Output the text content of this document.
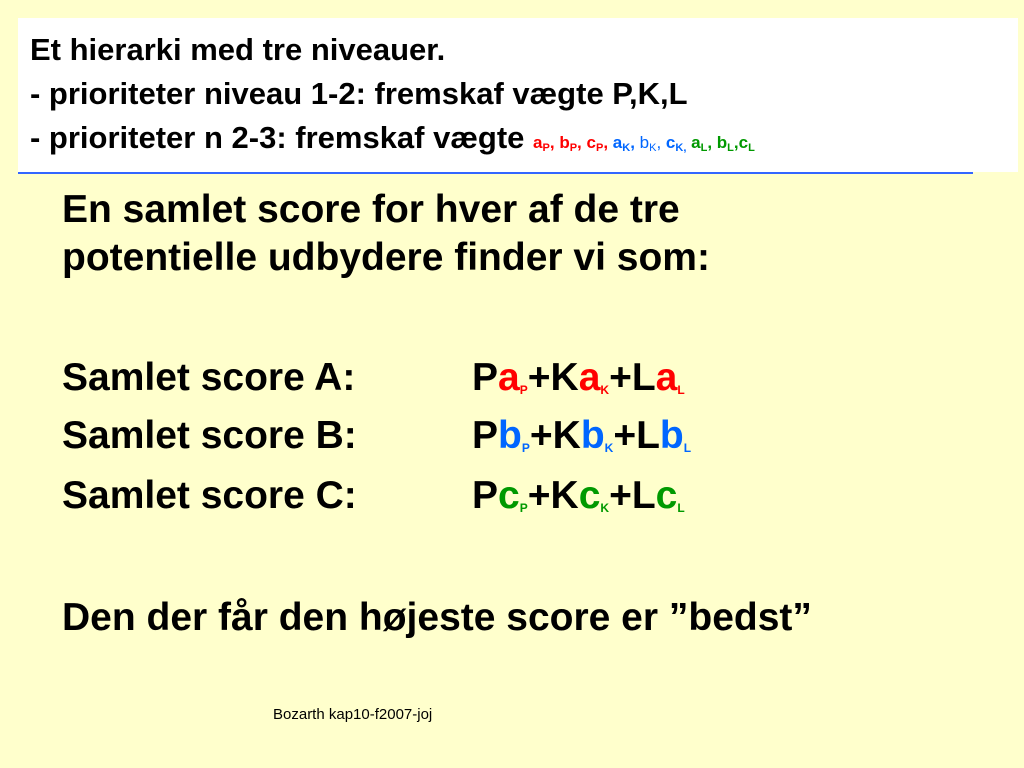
Et hierarki med tre niveauer.

- prioriteter niveau 1-2: fremskaf vægte P,K,L

- prioriteter n 2-3: fremskaf vægte $a_P$, $b_P$, $c_P$, $a_K$, $b_K$, $c_{K,}$ $a_L$, $b_L,c_L$

En samlet score for hver af de tre

potentielle udbydere finder vi som:

Samlet score A:	$Pa_P+Ka_K+La_L$
Samlet score B:	$Pb_P+Kb_K+Lb_L$
Samlet score C:	$Pc_P+Kc_K+Lc_L$

Den der får den højeste score er ”bedst”

Bozarth kap10-f2007-joj
